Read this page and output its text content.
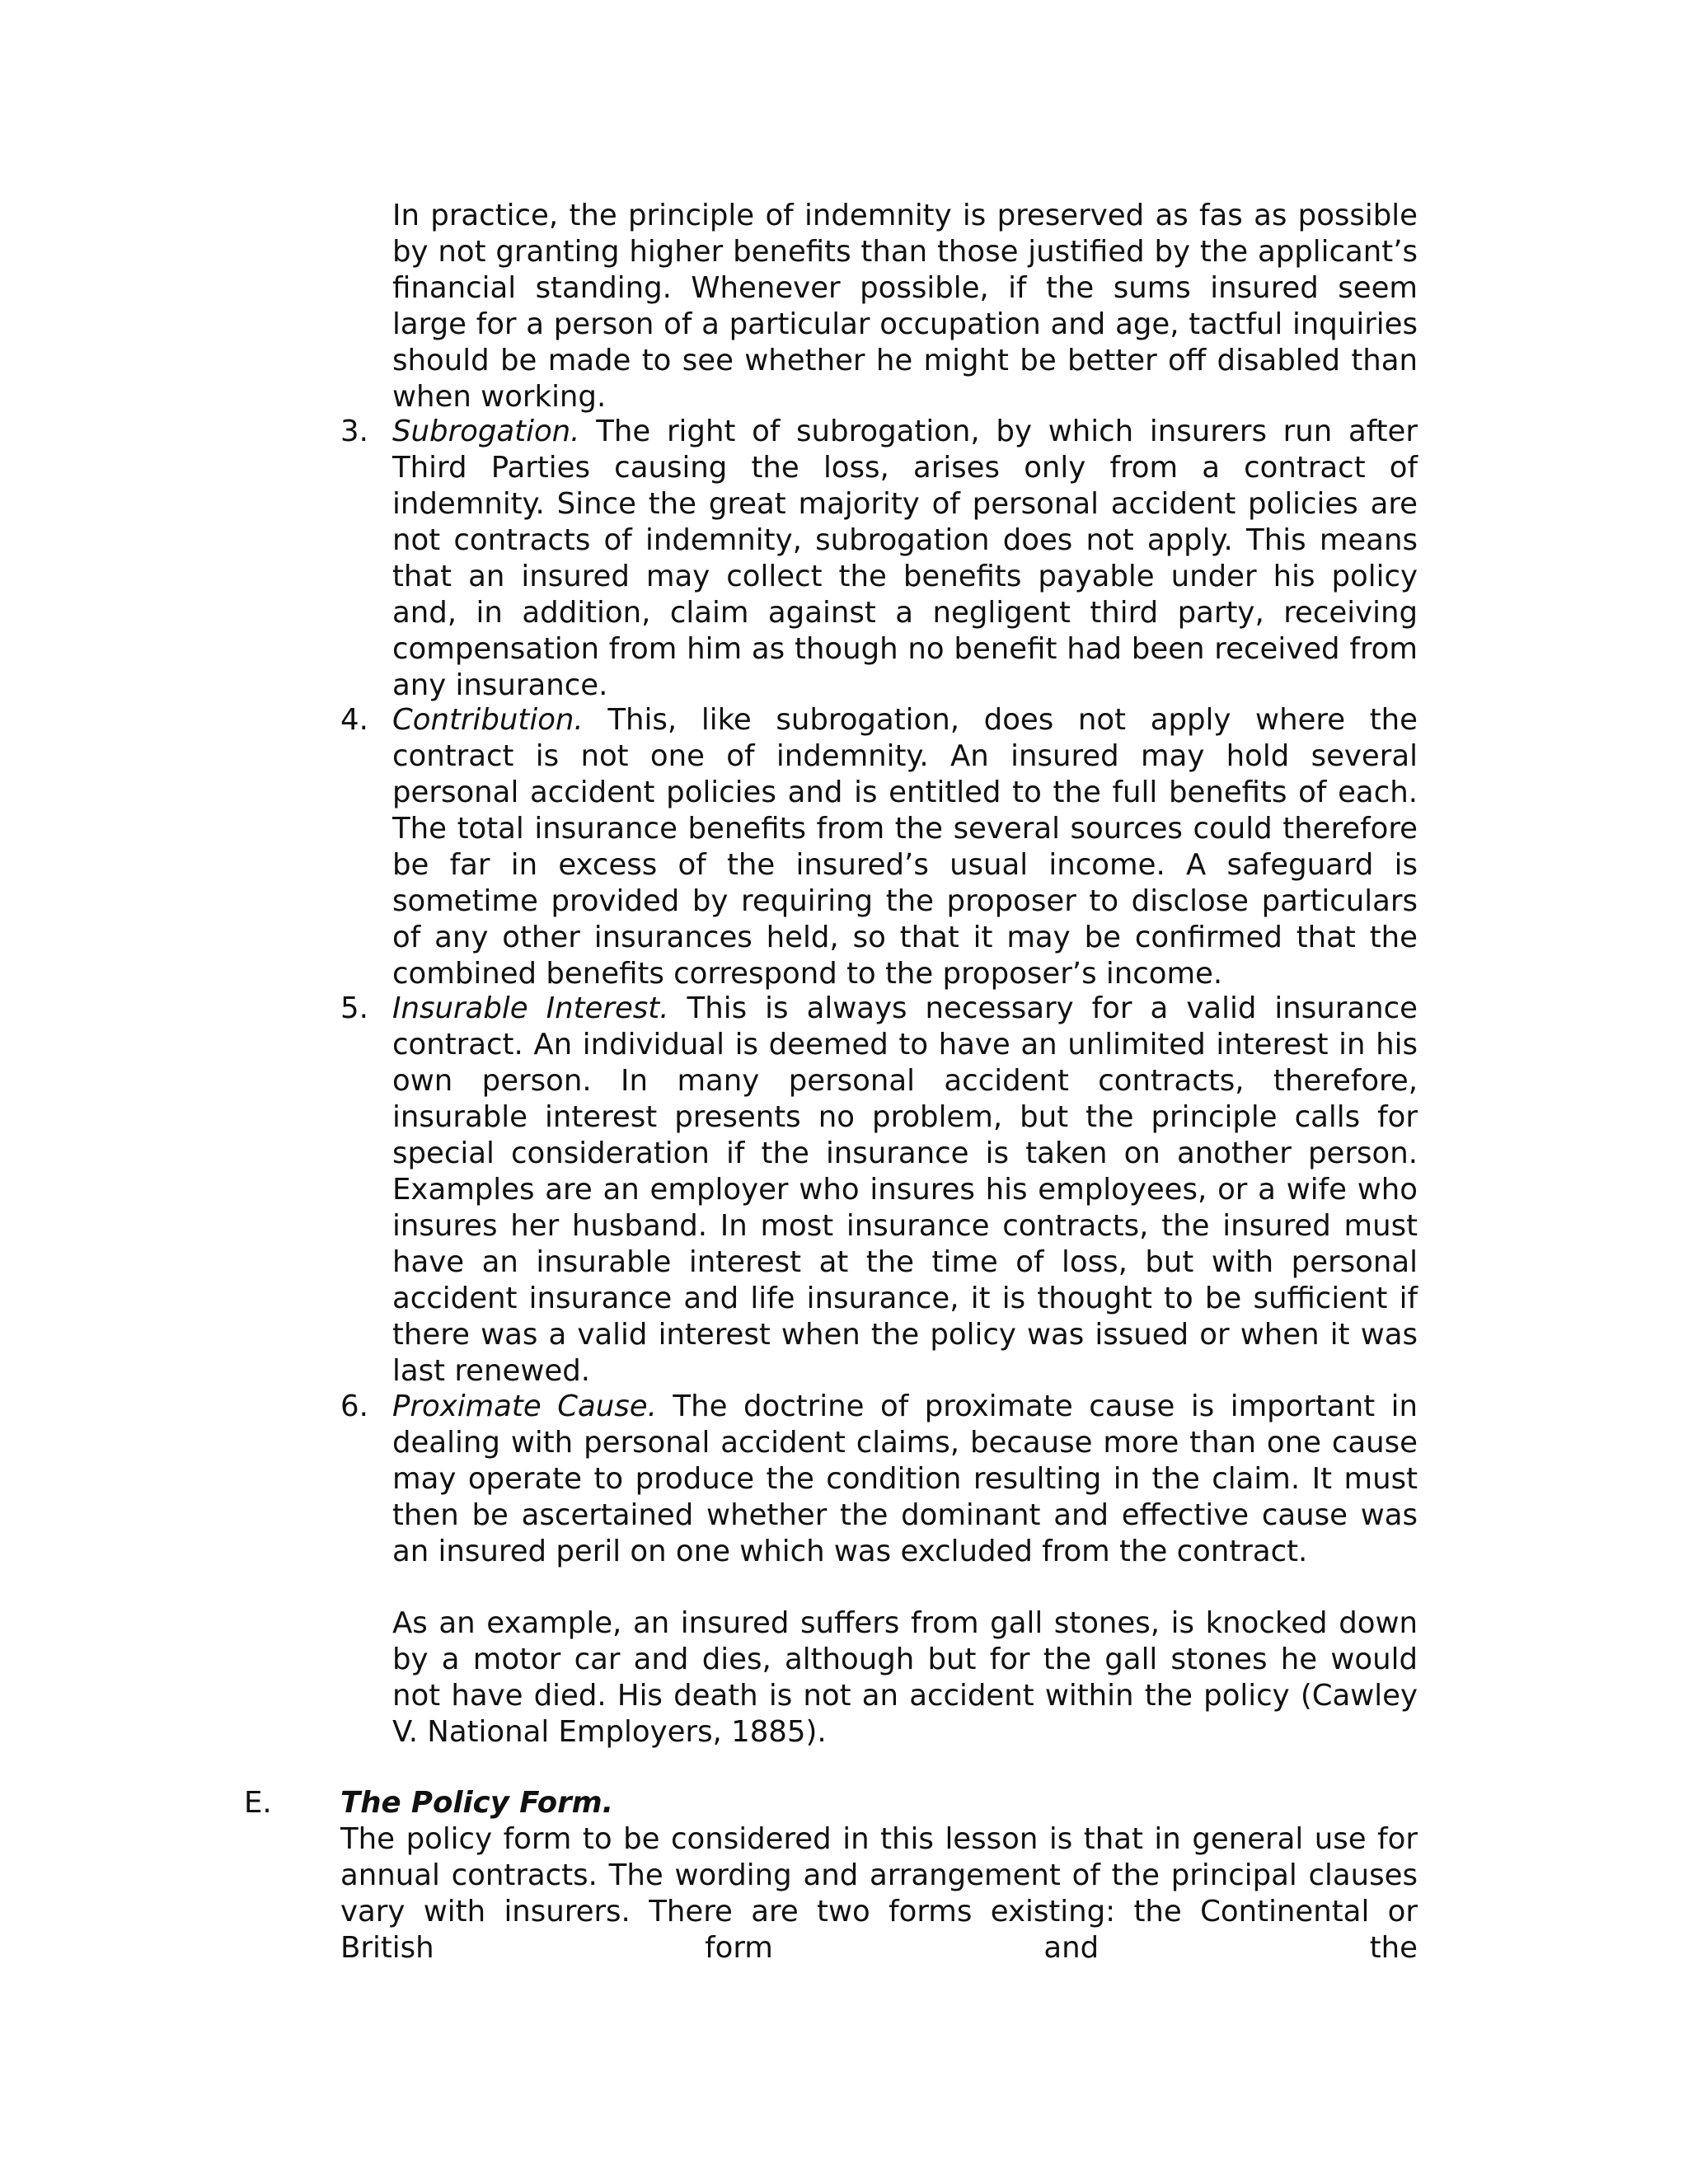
In practice, the principle of indemnity is preserved as fas as possible by not granting higher benefits than those justified by the applicant’s financial standing. Whenever possible, if the sums insured seem large for a person of a particular occupation and age, tactful inquiries should be made to see whether he might be better off disabled than when working.

3. Subrogation. The right of subrogation, by which insurers run after Third Parties causing the loss, arises only from a contract of indemnity. Since the great majority of personal accident policies are not contracts of indemnity, subrogation does not apply. This means that an insured may collect the benefits payable under his policy and, in addition, claim against a negligent third party, receiving compensation from him as though no benefit had been received from any insurance.
4. Contribution. This, like subrogation, does not apply where the contract is not one of indemnity. An insured may hold several personal accident policies and is entitled to the full benefits of each. The total insurance benefits from the several sources could therefore be far in excess of the insured’s usual income. A safeguard is sometime provided by requiring the proposer to disclose particulars of any other insurances held, so that it may be confirmed that the combined benefits correspond to the proposer’s income.
5. Insurable Interest. This is always necessary for a valid insurance contract. An individual is deemed to have an unlimited interest in his own person. In many personal accident contracts, therefore, insurable interest presents no problem, but the principle calls for special consideration if the insurance is taken on another person. Examples are an employer who insures his employees, or a wife who insures her husband. In most insurance contracts, the insured must have an insurable interest at the time of loss, but with personal accident insurance and life insurance, it is thought to be sufficient if there was a valid interest when the policy was issued or when it was last renewed.
6. Proximate Cause. The doctrine of proximate cause is important in dealing with personal accident claims, because more than one cause may operate to produce the condition resulting in the claim. It must then be ascertained whether the dominant and effective cause was an insured peril on one which was excluded from the contract.

As an example, an insured suffers from gall stones, is knocked down by a motor car and dies, although but for the gall stones he would not have died. His death is not an accident within the policy (Cawley V. National Employers, 1885).

E. The Policy Form.

The policy form to be considered in this lesson is that in general use for annual contracts. The wording and arrangement of the principal clauses vary with insurers. There are two forms existing: the Continental or British form and the
